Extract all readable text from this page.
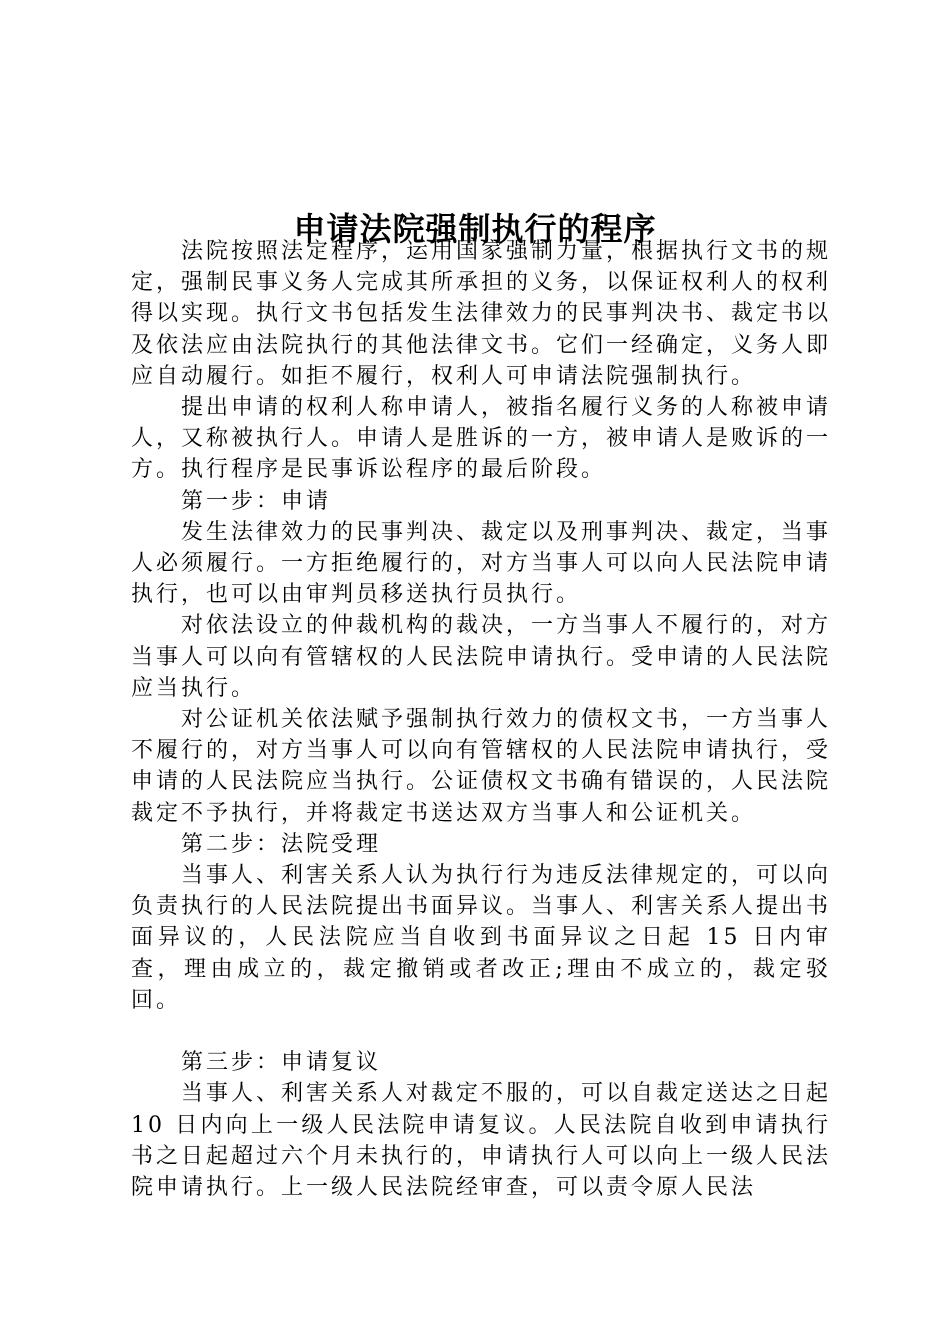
申请法院强制执行的程序

法院按照法定程序，运用国家强制力量，根据执行文书的规定，强制民事义务人完成其所承担的义务，以保证权利人的权利得以实现。执行文书包括发生法律效力的民事判决书、裁定书以及依法应由法院执行的其他法律文书。它们一经确定，义务人即应自动履行。如拒不履行，权利人可申请法院强制执行。

提出申请的权利人称申请人，被指名履行义务的人称被申请人，又称被执行人。申请人是胜诉的一方，被申请人是败诉的一方。执行程序是民事诉讼程序的最后阶段。

第一步：申请

发生法律效力的民事判决、裁定以及刑事判决、裁定，当事人必须履行。一方拒绝履行的，对方当事人可以向人民法院申请执行，也可以由审判员移送执行员执行。

对依法设立的仲裁机构的裁决，一方当事人不履行的，对方当事人可以向有管辖权的人民法院申请执行。受申请的人民法院应当执行。

对公证机关依法赋予强制执行效力的债权文书，一方当事人不履行的，对方当事人可以向有管辖权的人民法院申请执行，受申请的人民法院应当执行。公证债权文书确有错误的，人民法院裁定不予执行，并将裁定书送达双方当事人和公证机关。

第二步：法院受理

当事人、利害关系人认为执行行为违反法律规定的，可以向负责执行的人民法院提出书面异议。当事人、利害关系人提出书面异议的，人民法院应当自收到书面异议之日起 15 日内审查，理由成立的，裁定撤销或者改正;理由不成立的，裁定驳回。

第三步：申请复议

当事人、利害关系人对裁定不服的，可以自裁定送达之日起 10 日内向上一级人民法院申请复议。人民法院自收到申请执行书之日起超过六个月未执行的，申请执行人可以向上一级人民法院申请执行。上一级人民法院经审查，可以责令原人民法
